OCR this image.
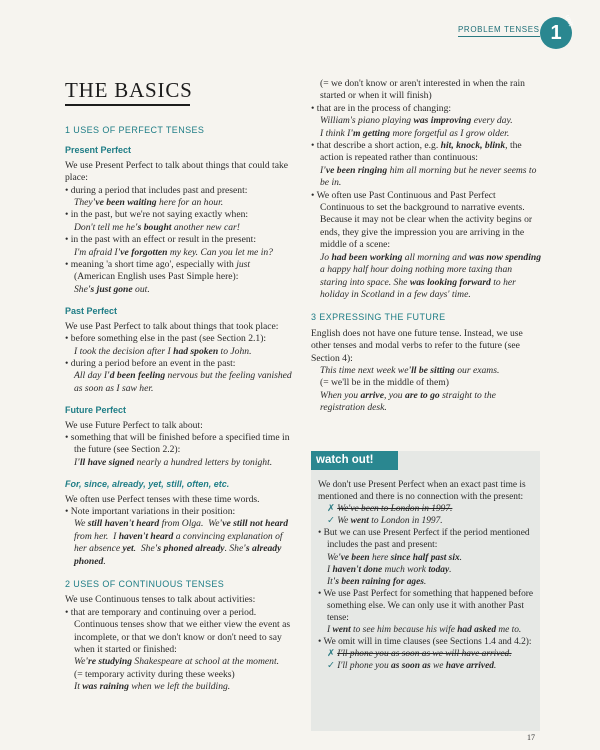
PROBLEM TENSES 1
unit
THE BASICS

1 USES OF PERFECT TENSES

Present Perfect

We use Present Perfect to talk about things that could take place:

• during a period that includes past and present:

They've been waiting here for an hour.

• in the past, but we're not saying exactly when:

Don't tell me he's bought another new car!

• in the past with an effect or result in the present:

I'm afraid I've forgotten my key. Can you let me in?

• meaning 'a short time ago', especially with just (American English uses Past Simple here):

She's just gone out.

Past Perfect

We use Past Perfect to talk about things that took place:

• before something else in the past (see Section 2.1):

I took the decision after I had spoken to John.

• during a period before an event in the past:

All day I'd been feeling nervous but the feeling vanished as soon as I saw her.

Future Perfect

We use Future Perfect to talk about:

• something that will be finished before a specified time in the future (see Section 2.2):

I'll have signed nearly a hundred letters by tonight.

For, since, already, yet, still, often, etc.

We often use Perfect tenses with these time words.

• Note important variations in their position:

We still haven't heard from Olga. We've still not heard from her. I haven't heard a convincing explanation of her absence yet. She's phoned already. She's already phoned.

2 USES OF CONTINUOUS TENSES

We use Continuous tenses to talk about activities:

• that are temporary and continuing over a period. Continuous tenses show that we either view the event as incomplete, or that we don't know or don't need to say when it started or finished:

We're studying Shakespeare at school at the moment.

(= temporary activity during these weeks)

It was raining when we left the building.

(= we don't know or aren't interested in when the rain started or when it will finish)

• that are in the process of changing:

William's piano playing was improving every day.

I think I'm getting more forgetful as I grow older.

• that describe a short action, e.g. hit, knock, blink, the action is repeated rather than continuous:

I've been ringing him all morning but he never seems to be in.

• We often use Past Continuous and Past Perfect Continuous to set the background to narrative events. Because it may not be clear when the activity begins or ends, they give the impression you are arriving in the middle of a scene:

Jo had been working all morning and was now spending a happy half hour doing nothing more taxing than staring into space. She was looking forward to her holiday in Scotland in a few days' time.

3 EXPRESSING THE FUTURE

English does not have one future tense. Instead, we use other tenses and modal verbs to refer to the future (see Section 4):

This time next week we'll be sitting our exams.

(= we'll be in the middle of them)

When you arrive, you are to go straight to the registration desk.

watch out!

We don't use Present Perfect when an exact past time is mentioned and there is no connection with the present:

✗ We've been to London in 1997.

✓ We went to London in 1997.

• But we can use Present Perfect if the period mentioned includes the past and present:

We've been here since half past six.

I haven't done much work today.

It's been raining for ages.

• We use Past Perfect for something that happened before something else. We can only use it with another Past tense:

I went to see him because his wife had asked me to.

• We omit will in time clauses (see Sections 1.4 and 4.2):

✗ I'll phone you as soon as we will have arrived.

✓ I'll phone you as soon as we have arrived.

17
